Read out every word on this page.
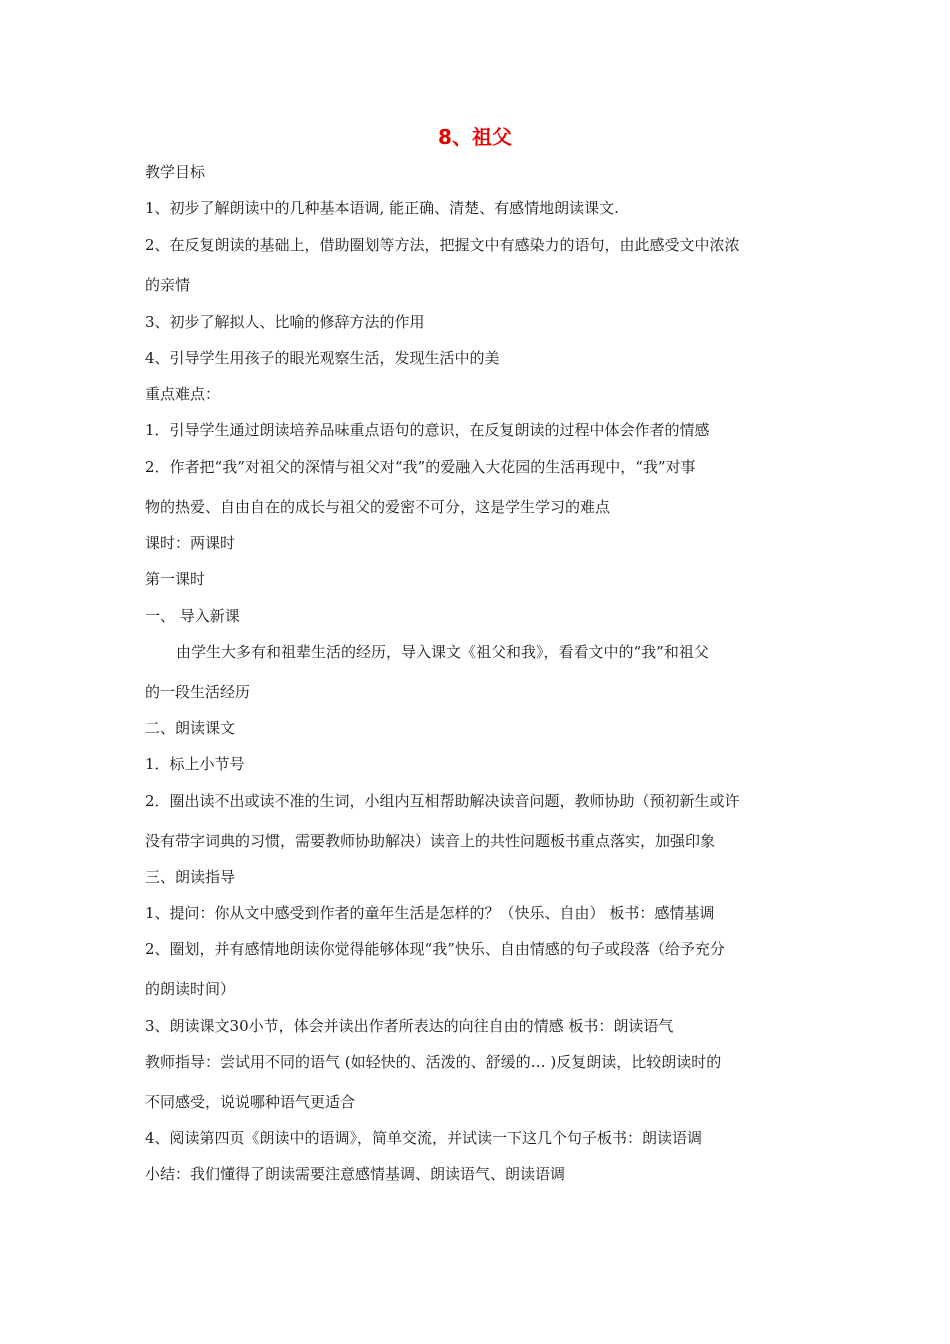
8、祖父
教学目标
1、初步了解朗读中的几种基本语调, 能正确、清楚、有感情地朗读课文.
2、在反复朗读的基础上，借助圈划等方法，把握文中有感染力的语句，由此感受文中浓浓
的亲情
3、初步了解拟人、比喻的修辞方法的作用
4、引导学生用孩子的眼光观察生活，发现生活中的美
重点难点：
1．引导学生通过朗读培养品味重点语句的意识，在反复朗读的过程中体会作者的情感
2．作者把“我”对祖父的深情与祖父对“我”的爱融入大花园的生活再现中，“我”对事
物的热爱、自由自在的成长与祖父的爱密不可分，这是学生学习的难点
课时：两课时
第一课时
一、 导入新课
由学生大多有和祖辈生活的经历，导入课文《祖父和我》，看看文中的“我”和祖父
的一段生活经历
二、朗读课文
1．标上小节号
2．圈出读不出或读不准的生词，小组内互相帮助解决读音问题，教师协助（预初新生或许
没有带字词典的习惯，需要教师协助解决）读音上的共性问题板书重点落实，加强印象
三、朗读指导
1、提问：你从文中感受到作者的童年生活是怎样的？（快乐、自由） 板书：感情基调
2、圈划，并有感情地朗读你觉得能够体现“我”快乐、自由情感的句子或段落（给予充分
的朗读时间）
3、朗读课文30小节，体会并读出作者所表达的向往自由的情感 板书：朗读语气
教师指导：尝试用不同的语气 (如轻快的、活泼的、舒缓的… )反复朗读，比较朗读时的
不同感受，说说哪种语气更适合
4、阅读第四页《朗读中的语调》，简单交流，并试读一下这几个句子板书：朗读语调
小结：我们懂得了朗读需要注意感情基调、朗读语气、朗读语调
